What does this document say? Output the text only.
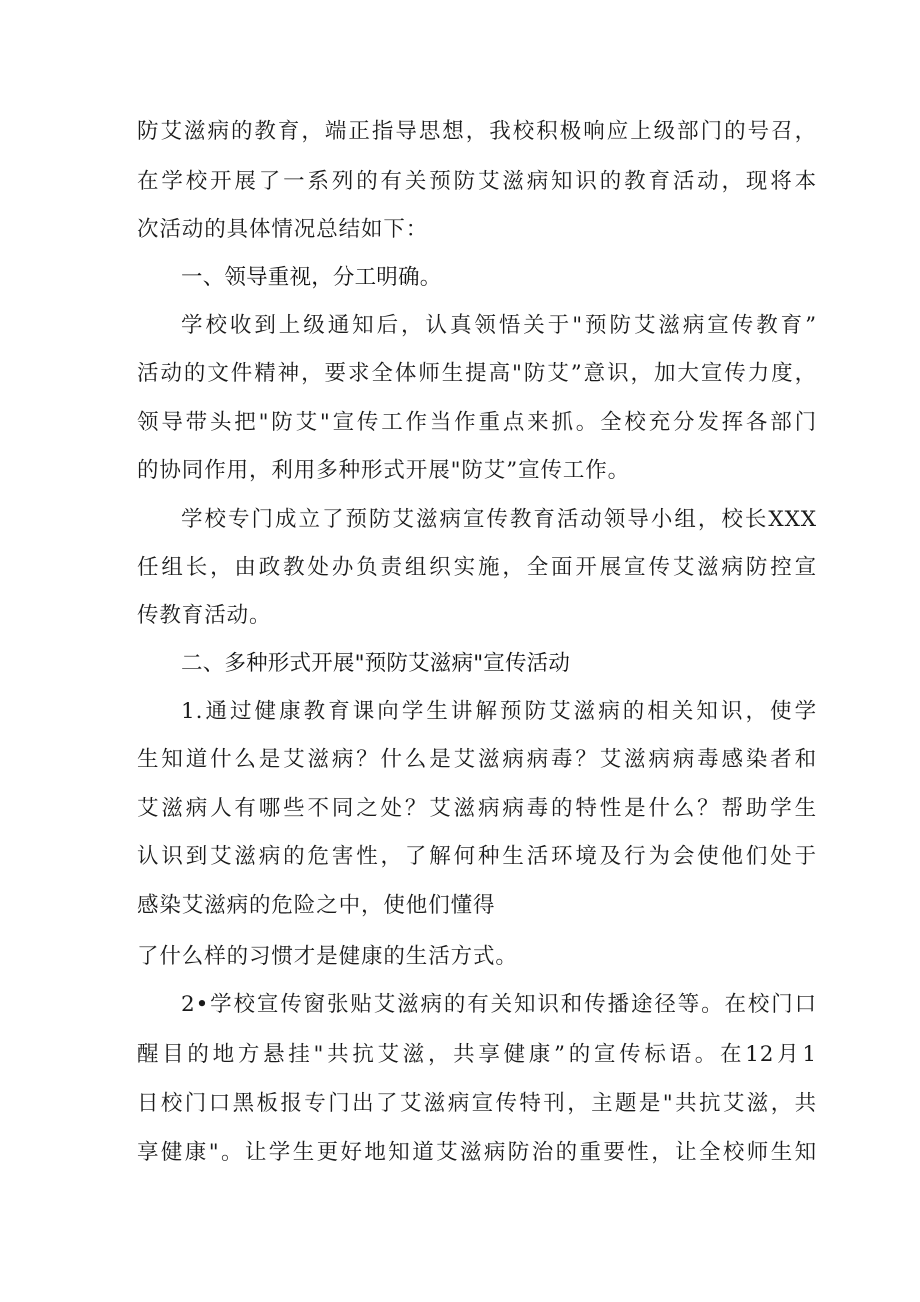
防艾滋病的教育，端正指导思想，我校积极响应上级部门的号召，
在学校开展了一系列的有关预防艾滋病知识的教育活动，现将本
次活动的具体情况总结如下：
一、领导重视，分工明确。
学校收到上级通知后，认真领悟关于"预防艾滋病宣传教育”
活动的文件精神，要求全体师生提高"防艾”意识，加大宣传力度，
领导带头把"防艾"宣传工作当作重点来抓。全校充分发挥各部门
的协同作用，利用多种形式开展"防艾”宣传工作。
学校专门成立了预防艾滋病宣传教育活动领导小组，校长XXX
任组长，由政教处办负责组织实施，全面开展宣传艾滋病防控宣
传教育活动。
二、多种形式开展"预防艾滋病"宣传活动
1.通过健康教育课向学生讲解预防艾滋病的相关知识，使学
生知道什么是艾滋病？什么是艾滋病病毒？艾滋病病毒感染者和
艾滋病人有哪些不同之处？艾滋病病毒的特性是什么？帮助学生
认识到艾滋病的危害性，了解何种生活环境及行为会使他们处于
感染艾滋病的危险之中，使他们懂得
了什么样的习惯才是健康的生活方式。
2•学校宣传窗张贴艾滋病的有关知识和传播途径等。在校门口
醒目的地方悬挂"共抗艾滋，共享健康”的宣传标语。在12月1
日校门口黑板报专门出了艾滋病宣传特刊，主题是"共抗艾滋，共
享健康"。让学生更好地知道艾滋病防治的重要性，让全校师生知
